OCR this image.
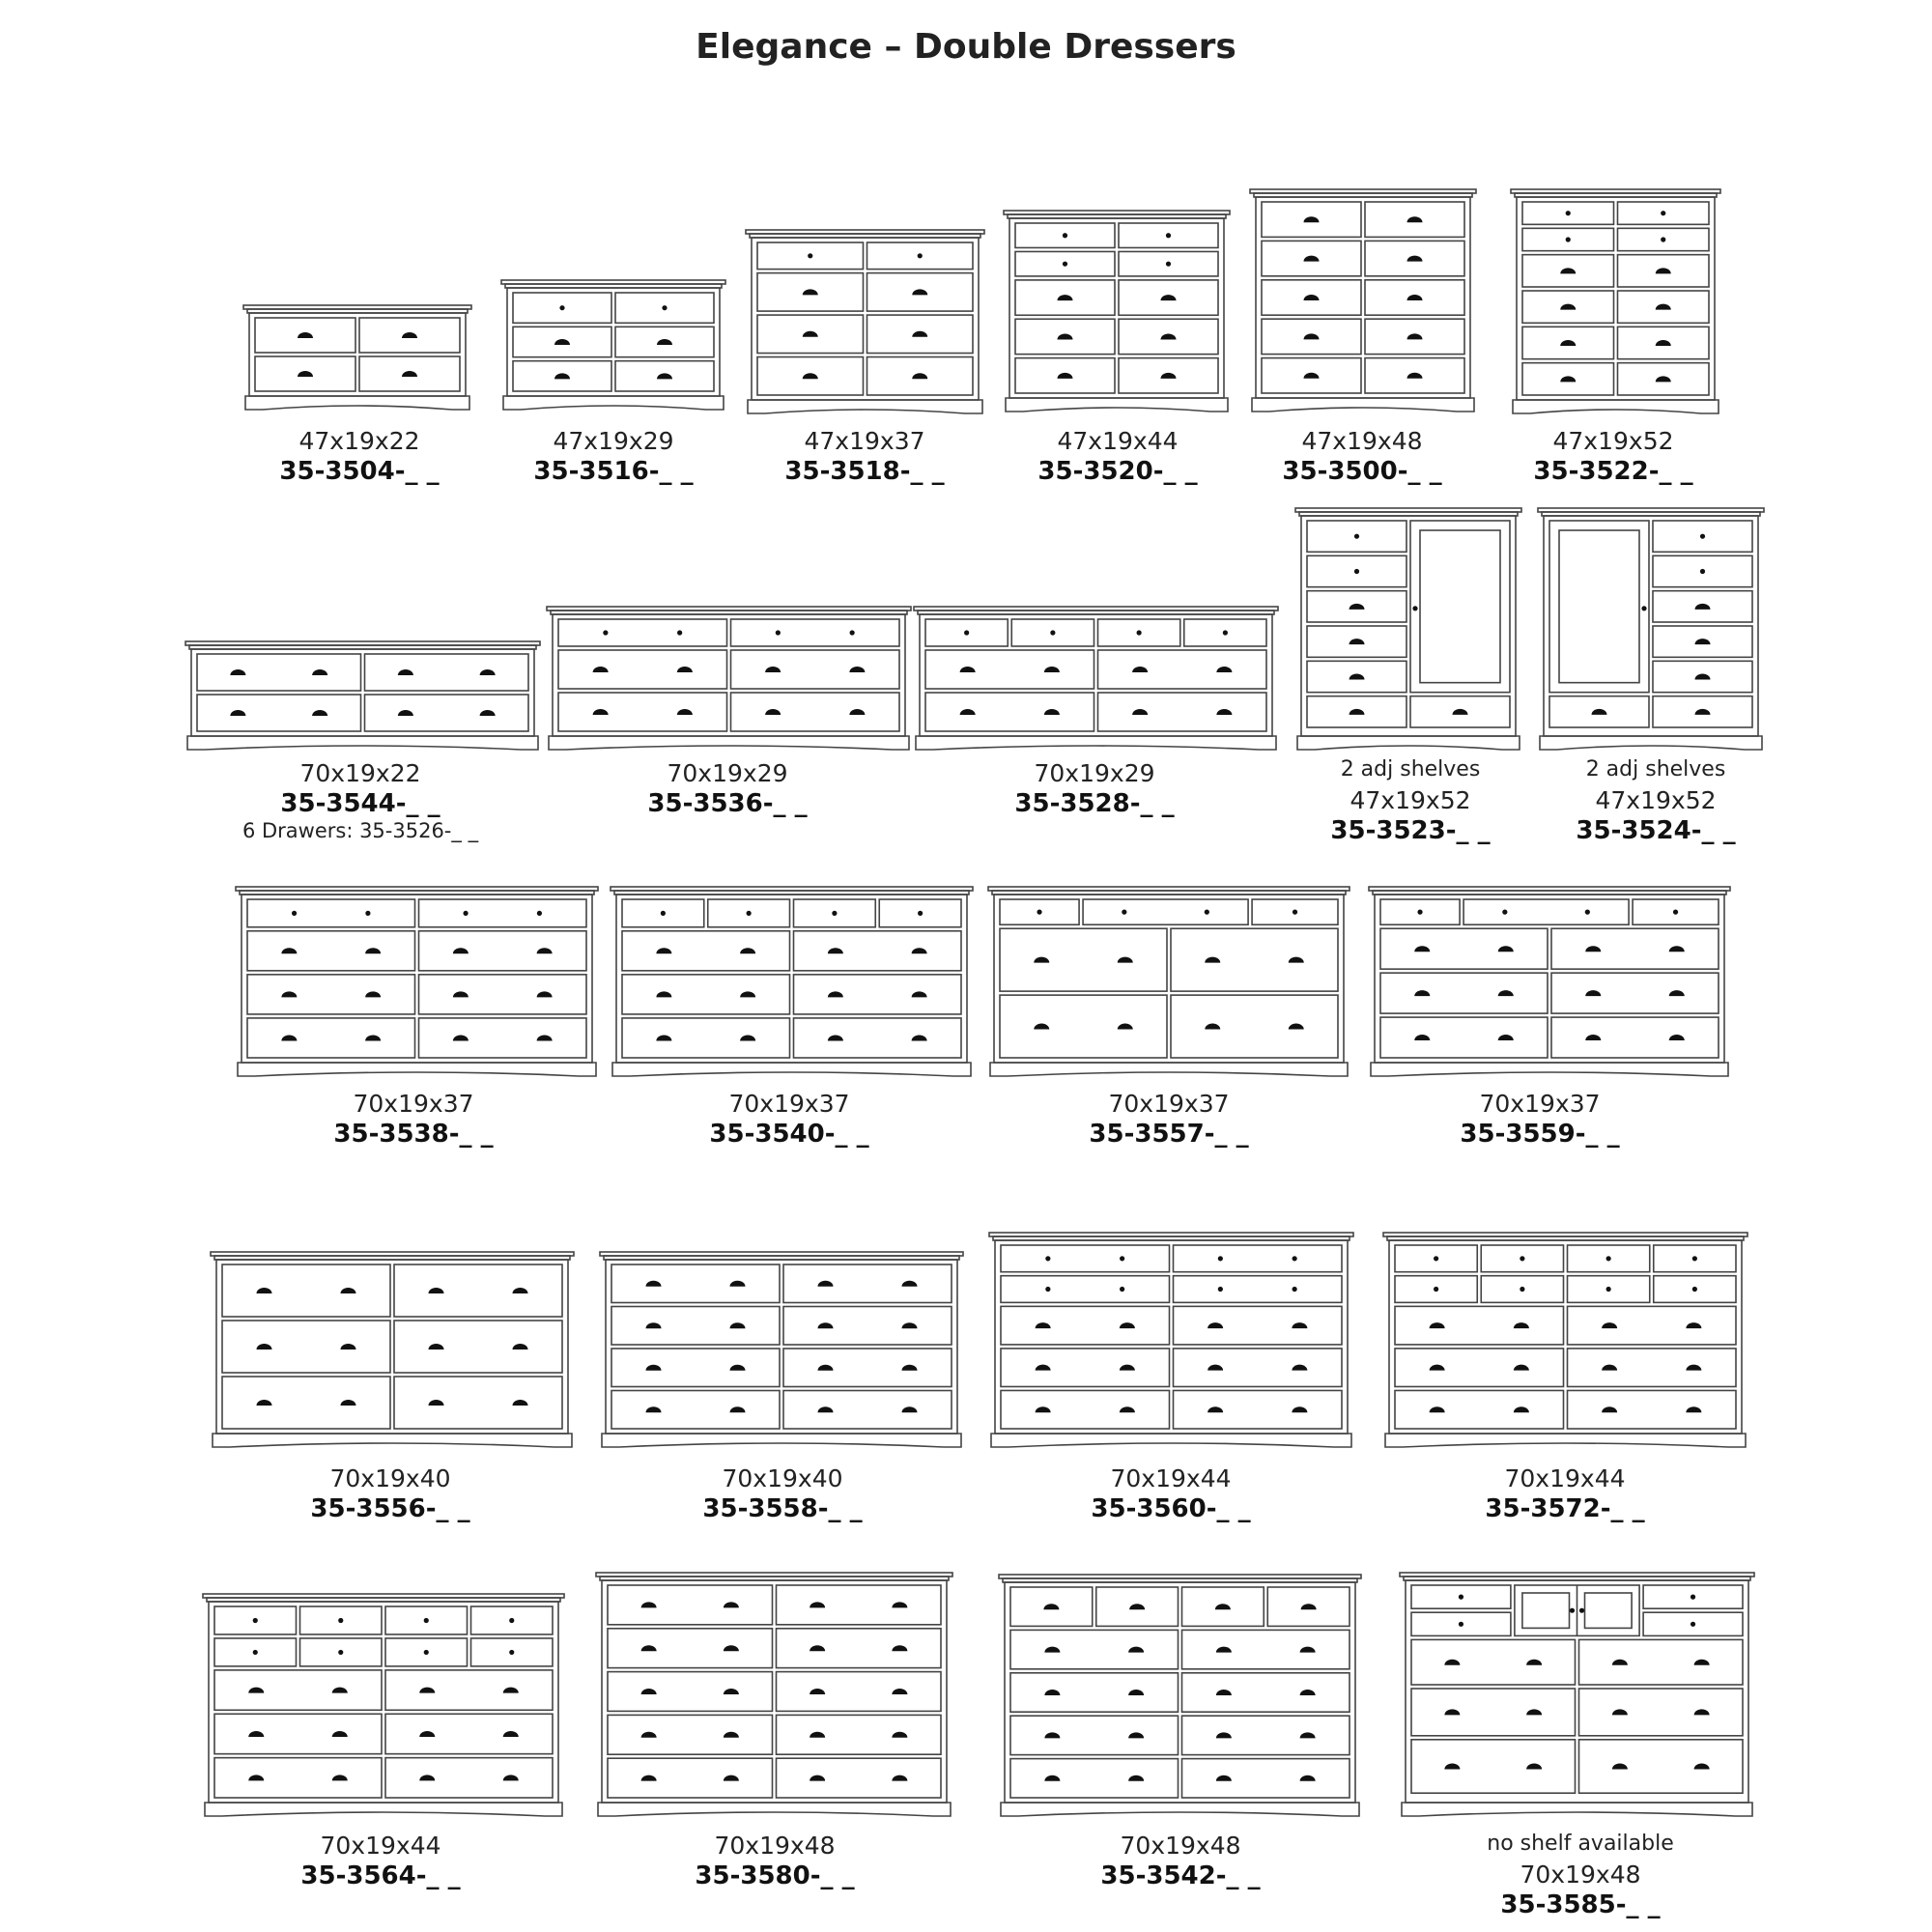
Elegance – Double Dressers
47x19x22
35-3504-_ _
47x19x29
35-3516-_ _
47x19x37
35-3518-_ _
47x19x44
35-3520-_ _
47x19x48
35-3500-_ _
47x19x52
35-3522-_ _
70x19x22
35-3544-_ _
6 Drawers: 35-3526-_ _
70x19x29
35-3536-_ _
70x19x29
35-3528-_ _
2 adj shelves
47x19x52
35-3523-_ _
2 adj shelves
47x19x52
35-3524-_ _
70x19x37
35-3538-_ _
70x19x37
35-3540-_ _
70x19x37
35-3557-_ _
70x19x37
35-3559-_ _
70x19x40
35-3556-_ _
70x19x40
35-3558-_ _
70x19x44
35-3560-_ _
70x19x44
35-3572-_ _
70x19x44
35-3564-_ _
70x19x48
35-3580-_ _
70x19x48
35-3542-_ _
no shelf available
70x19x48
35-3585-_ _
